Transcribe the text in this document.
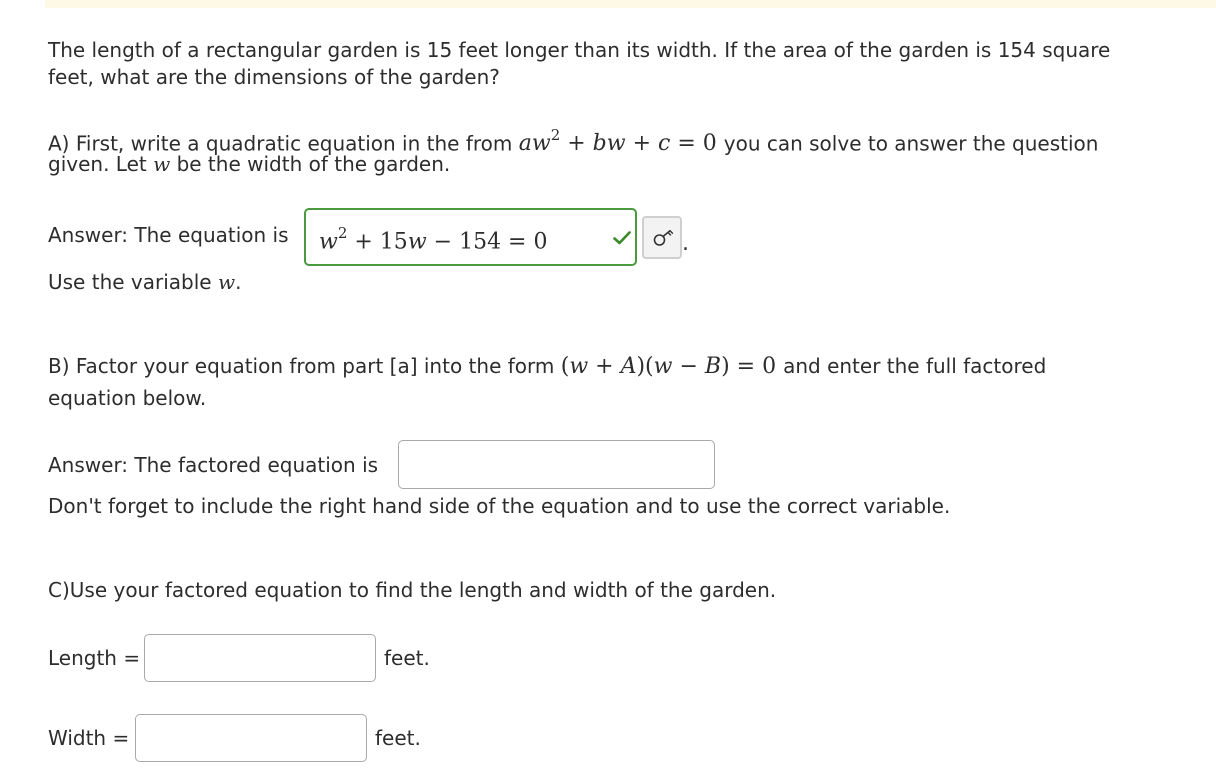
The length of a rectangular garden is 15 feet longer than its width. If the area of the garden is 154 square
feet, what are the dimensions of the garden?
A) First, write a quadratic equation in the from $aw^2$ + bw + c = 0 you can solve to answer the question
given. Let w be the width of the garden.
Answer: The equation is $w^2 + 15w - 154 = 0$	.
Use the variable w.
B) Factor your equation from part [a] into the form (w + A)(w − B) = 0 and enter the full factored
equation below.
Answer: The factored equation is
Don't forget to include the right hand side of the equation and to use the correct variable.
C)Use your factored equation to find the length and width of the garden.
Length =	feet.
Width =	feet.
